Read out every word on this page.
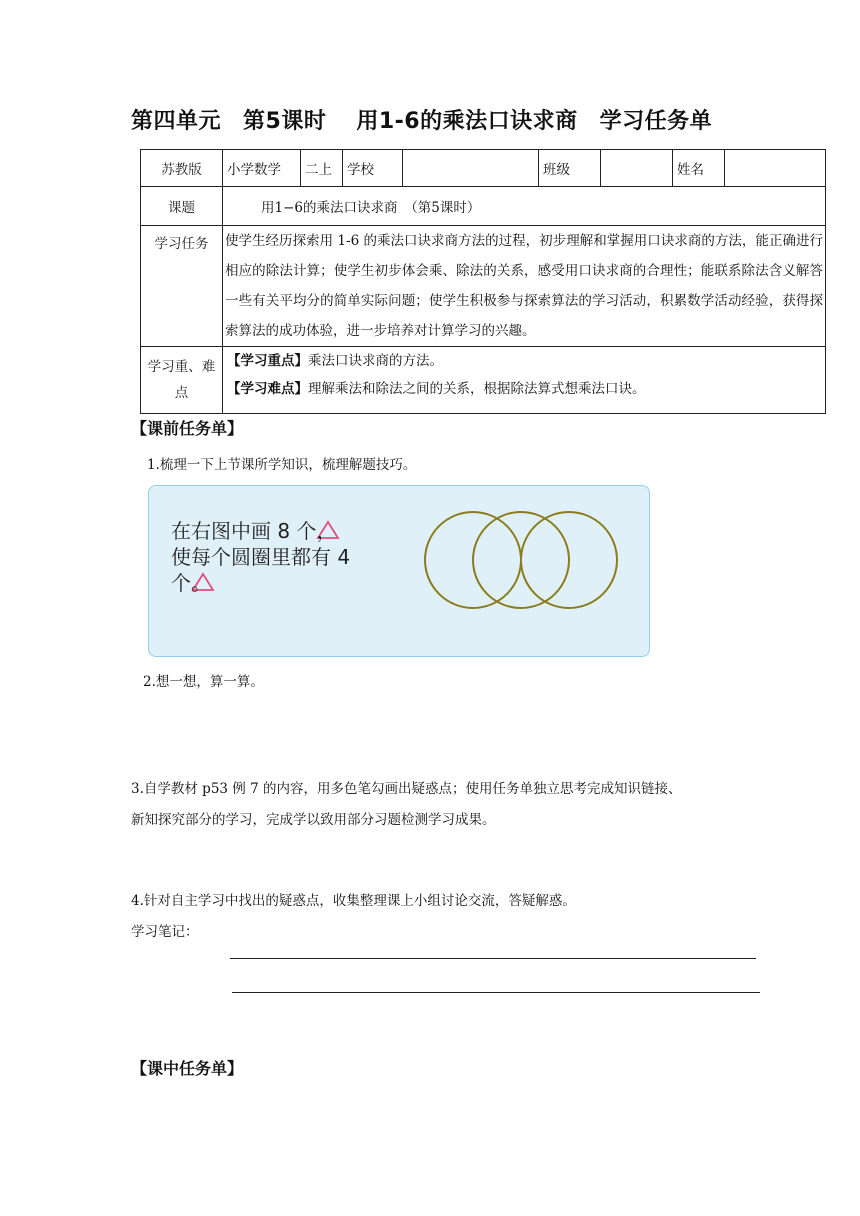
第四单元 第5课时 用1-6的乘法口诀求商 学习任务单
苏教版	小学数学	二上	学校		班级		姓名	
课题	用1−6的乘法口诀求商　（第5课时）							
学习任务	使学生经历探索用 1-6 的乘法口诀求商方法的过程，初步理解和掌握用口诀求商的方法，能正确进行相应的除法计算；使学生初步体会乘、除法的关系，感受用口诀求商的合理性；能联系除法含义解答一些有关平均分的简单实际问题；使学生积极参与探索算法的学习活动，积累数学活动经验，获得探索算法的成功体验，进一步培养对计算学习的兴趣。							
学习重、难点	【学习重点】乘法口诀求商的方法。
【学习难点】理解乘法和除法之间的关系，根据除法算式想乘法口诀。							
【课前任务单】
1.梳理一下上节课所学知识，梳理解题技巧。
在右图中画 8 个，
使每个圆圈里都有 4
个。
2.想一想，算一算。
3.自学教材 p53 例 7 的内容，用多色笔勾画出疑惑点；使用任务单独立思考完成知识链接、
新知探究部分的学习，完成学以致用部分习题检测学习成果。
4.针对自主学习中找出的疑惑点，收集整理课上小组讨论交流，答疑解惑。
学习笔记：
【课中任务单】
